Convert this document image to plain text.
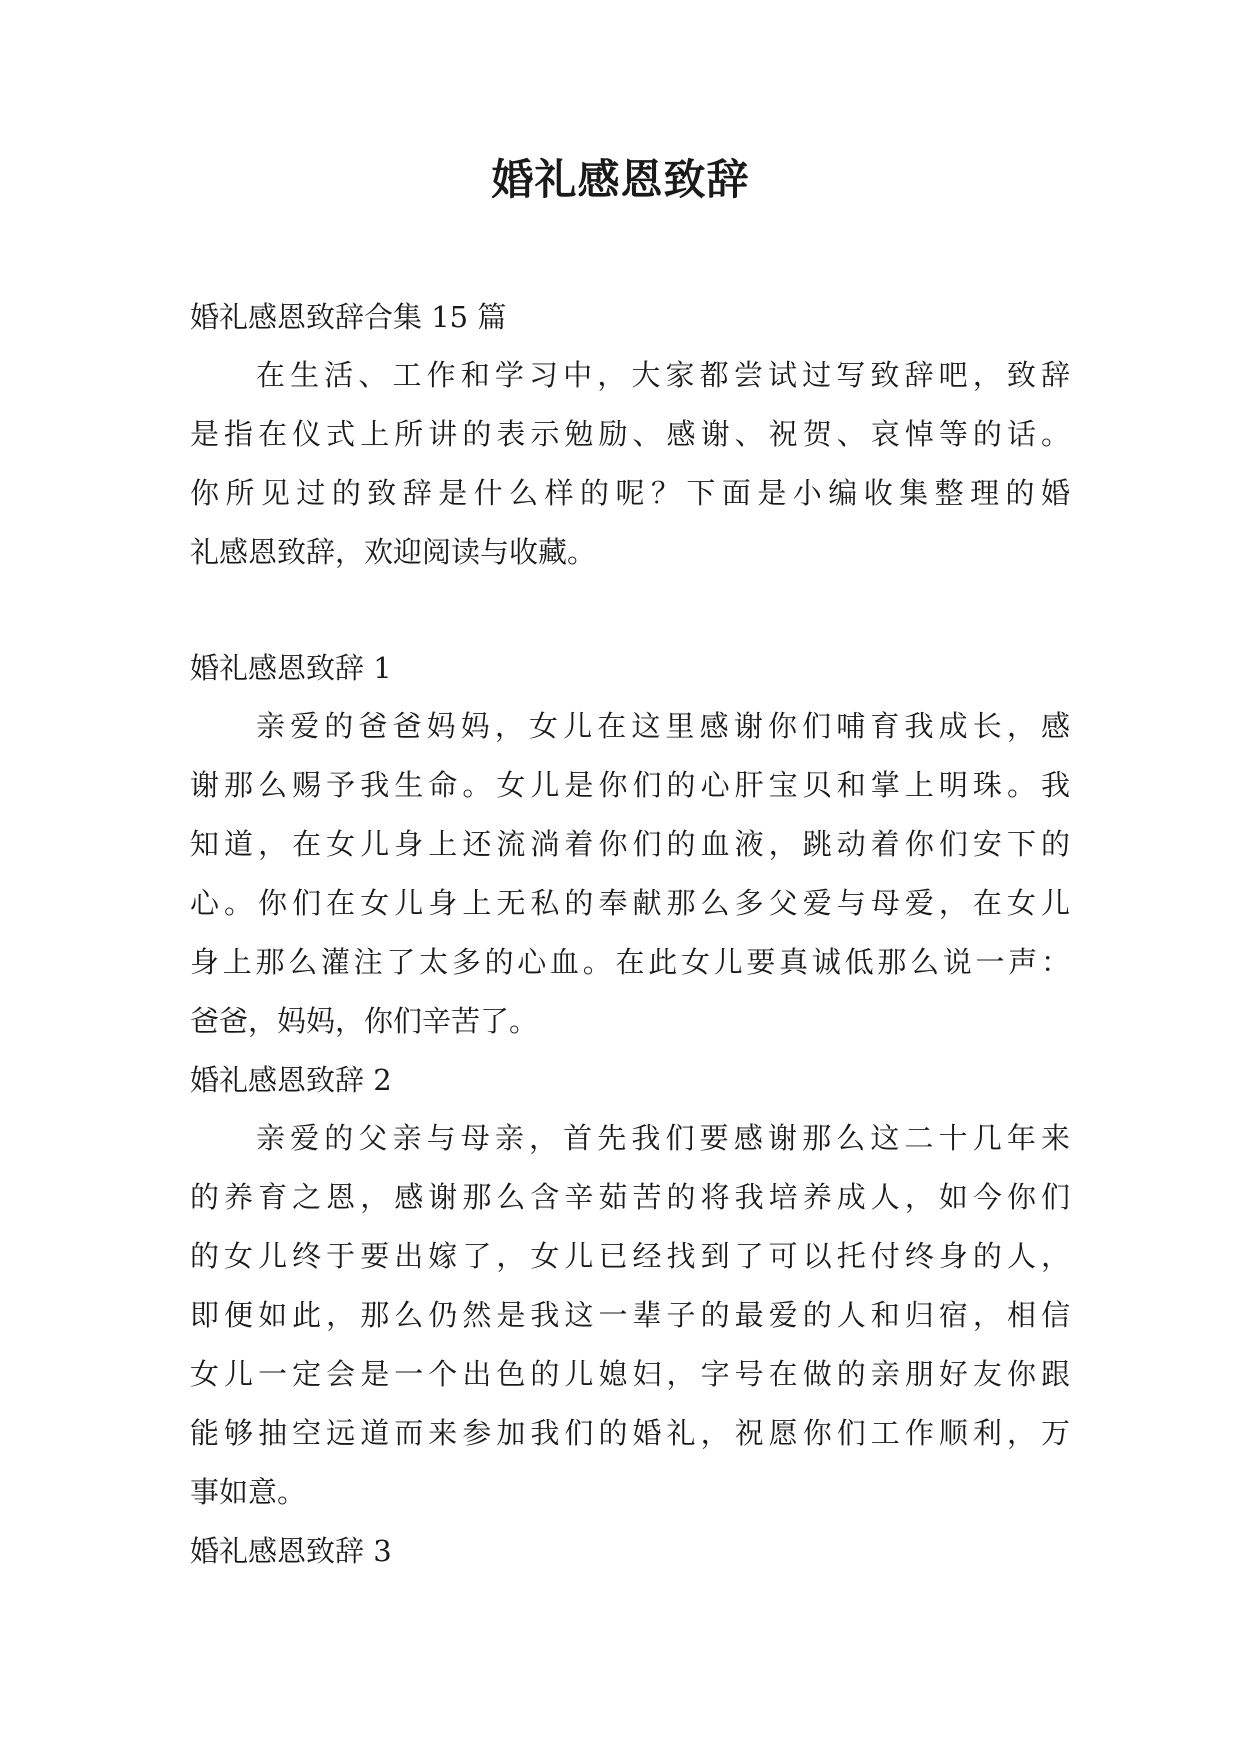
婚礼感恩致辞
婚礼感恩致辞合集 15 篇
在生活、工作和学习中，大家都尝试过写致辞吧，致辞
是指在仪式上所讲的表示勉励、感谢、祝贺、哀悼等的话。
你所见过的致辞是什么样的呢？下面是小编收集整理的婚
礼感恩致辞，欢迎阅读与收藏。
婚礼感恩致辞 1
亲爱的爸爸妈妈，女儿在这里感谢你们哺育我成长，感
谢那么赐予我生命。女儿是你们的心肝宝贝和掌上明珠。我
知道，在女儿身上还流淌着你们的血液，跳动着你们安下的
心。你们在女儿身上无私的奉献那么多父爱与母爱，在女儿
身上那么灌注了太多的心血。在此女儿要真诚低那么说一声：
爸爸，妈妈，你们辛苦了。
婚礼感恩致辞 2
亲爱的父亲与母亲，首先我们要感谢那么这二十几年来
的养育之恩，感谢那么含辛茹苦的将我培养成人，如今你们
的女儿终于要出嫁了，女儿已经找到了可以托付终身的人，
即便如此，那么仍然是我这一辈子的最爱的人和归宿，相信
女儿一定会是一个出色的儿媳妇，字号在做的亲朋好友你跟
能够抽空远道而来参加我们的婚礼，祝愿你们工作顺利，万
事如意。
婚礼感恩致辞 3
